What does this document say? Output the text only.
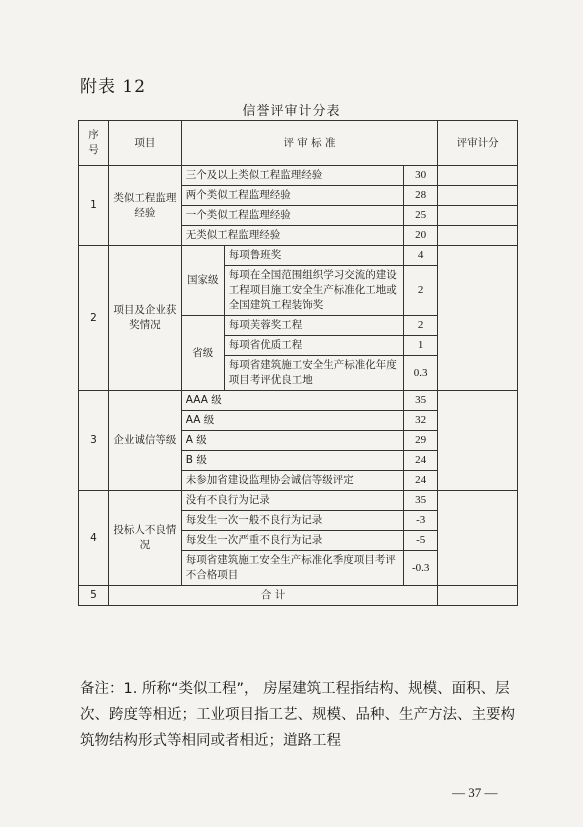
附表 12
信誉评审计分表
序号	项目	评 审 标 准			评审计分
1	类似工程监理经验	三个及以上类似工程监理经验		30	
		两个类似工程监理经验		28	
		一个类似工程监理经验		25	
		无类似工程监理经验		20	
2	项目及企业获奖情况	国家级	每项鲁班奖	4	
			每项在全国范围组织学习交流的建设工程项目施工安全生产标准化工地或全国建筑工程装饰奖	2	
		省级	每项芙蓉奖工程	2	
			每项省优质工程	1	
			每项省建筑施工安全生产标准化年度项目考评优良工地	0.3	
3	企业诚信等级	AAA 级		35	
		AA 级		32	
		A 级		29	
		B 级		24	
		未参加省建设监理协会诚信等级评定		24	
4	投标人不良情况	没有不良行为记录		35	
		每发生一次一般不良行为记录		-3	
		每发生一次严重不良行为记录		-5	
		每项省建筑施工安全生产标准化季度项目考评不合格项目		-0.3	
5	合 计				
备注：1. 所称“类似工程”， 房屋建筑工程指结构、规模、面积、层次、跨度等相近；工业项目指工艺、规模、品种、生产方法、主要构筑物结构形式等相同或者相近；道路工程
— 37 —
